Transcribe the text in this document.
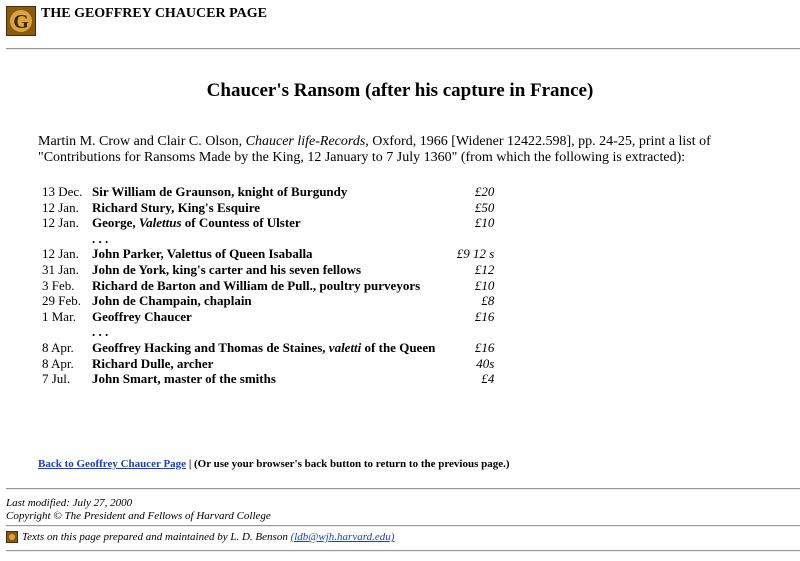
G THE GEOFFREY CHAUCER PAGE
Chaucer's Ransom (after his capture in France)

Martin M. Crow and Clair C. Olson, Chaucer life-Records, Oxford, 1966 [Widener 12422.598], pp. 24-25, print a list of "Contributions for Ransoms Made by the King, 12 January to 7 July 1360" (from which the following is extracted):

13 Dec.	Sir William de Graunson, knight of Burgundy	£20
12 Jan.	Richard Stury, King's Esquire	£50
12 Jan.	George, Valettus of Countess of Ulster	£10
	. . .	
12 Jan.	John Parker, Valettus of Queen Isaballa	£9 12 s
31 Jan.	John de York, king's carter and his seven fellows	£12
3 Feb.	Richard de Barton and William de Pull., poultry purveyors	£10
29 Feb.	John de Champain, chaplain	£8
1 Mar.	Geoffrey Chaucer	£16
	. . .	
8 Apr.	Geoffrey Hacking and Thomas de Staines, valetti of the Queen	£16
8 Apr.	Richard Dulle, archer	40s
7 Jul.	John Smart, master of the smiths	£4
Back to Geoffrey Chaucer Page | (Or use your browser's back button to return to the previous page.)
Last modified: July 27, 2000
Copyright © The President and Fellows of Harvard College
Texts on this page prepared and maintained by L. D. Benson
(ldb@wjh.harvard.edu)
